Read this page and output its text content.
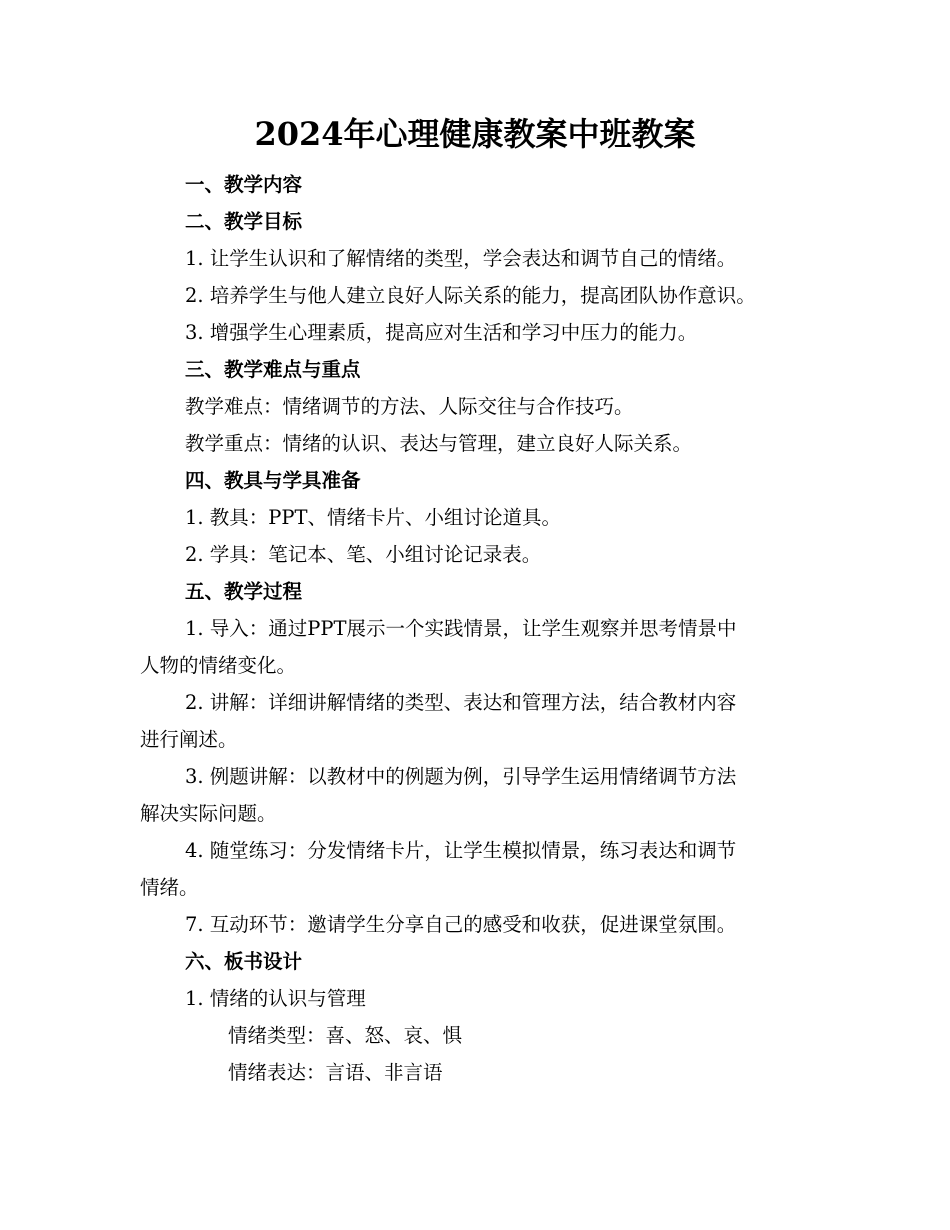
2024年心理健康教案中班教案
一、教学内容
二、教学目标
1. 让学生认识和了解情绪的类型，学会表达和调节自己的情绪。
2. 培养学生与他人建立良好人际关系的能力，提高团队协作意识。
3. 增强学生心理素质，提高应对生活和学习中压力的能力。
三、教学难点与重点
教学难点：情绪调节的方法、人际交往与合作技巧。
教学重点：情绪的认识、表达与管理，建立良好人际关系。
四、教具与学具准备
1. 教具：PPT、情绪卡片、小组讨论道具。
2. 学具：笔记本、笔、小组讨论记录表。
五、教学过程
1. 导入：通过PPT展示一个实践情景，让学生观察并思考情景中
人物的情绪变化。
2. 讲解：详细讲解情绪的类型、表达和管理方法，结合教材内容
进行阐述。
3. 例题讲解：以教材中的例题为例，引导学生运用情绪调节方法
解决实际问题。
4. 随堂练习：分发情绪卡片，让学生模拟情景，练习表达和调节
情绪。
7. 互动环节：邀请学生分享自己的感受和收获，促进课堂氛围。
六、板书设计
1. 情绪的认识与管理
情绪类型：喜、怒、哀、惧
情绪表达：言语、非言语
